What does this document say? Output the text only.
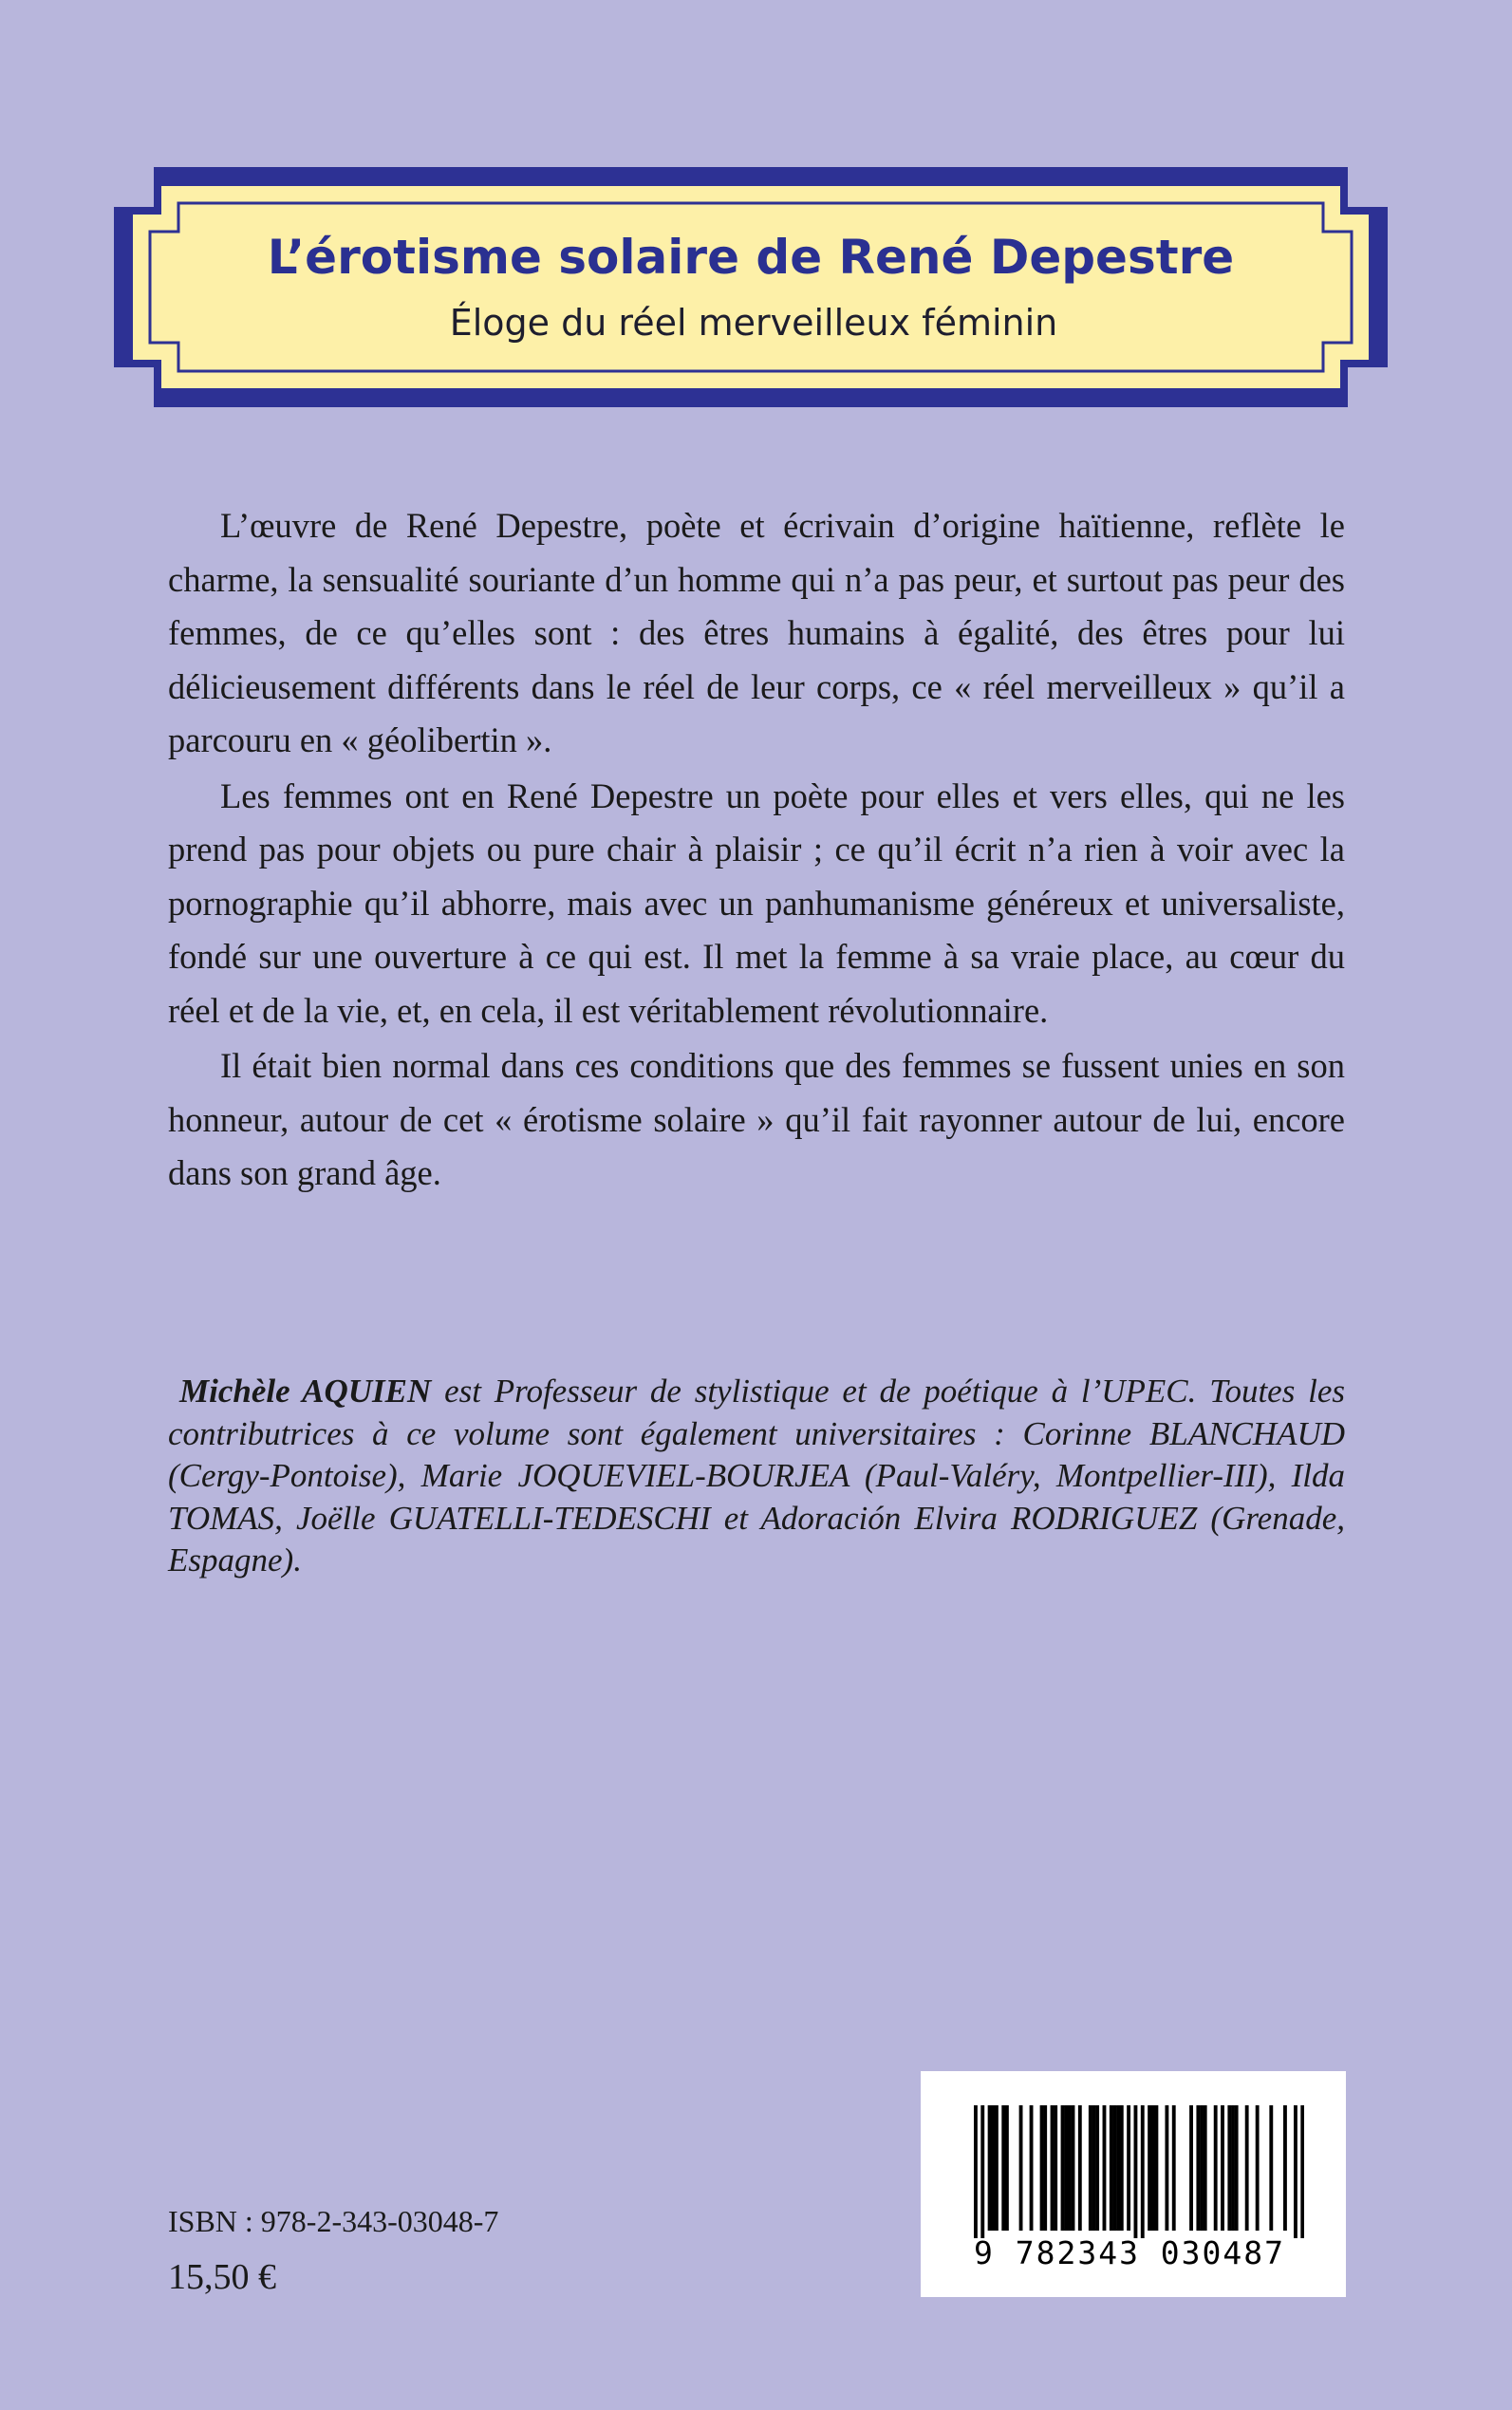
L’érotisme solaire de René Depestre
Éloge du réel merveilleux féminin

L’œuvre de René Depestre, poète et écrivain d’origine haïtienne, reflète le charme, la sensualité souriante d’un homme qui n’a pas peur, et surtout pas peur des femmes, de ce qu’elles sont : des êtres humains à égalité, des êtres pour lui délicieusement différents dans le réel de leur corps, ce « réel merveilleux » qu’il a parcouru en « géolibertin ».

Les femmes ont en René Depestre un poète pour elles et vers elles, qui ne les prend pas pour objets ou pure chair à plaisir ; ce qu’il écrit n’a rien à voir avec la pornographie qu’il abhorre, mais avec un panhumanisme généreux et universaliste, fondé sur une ouverture à ce qui est. Il met la femme à sa vraie place, au cœur du réel et de la vie, et, en cela, il est véritablement révolutionnaire.

Il était bien normal dans ces conditions que des femmes se fussent unies en son honneur, autour de cet « érotisme solaire » qu’il fait rayonner autour de lui, encore dans son grand âge.

Michèle AQUIEN est Professeur de stylistique et de poétique à l’UPEC. Toutes les contributrices à ce volume sont également universitaires : Corinne BLANCHAUD (Cergy-Pontoise), Marie JOQUEVIEL-BOURJEA (Paul-Valéry, Montpellier-III), Ilda TOMAS, Joëlle GUATELLI-TEDESCHI et Adoración Elvira RODRIGUEZ (Grenade, Espagne).

ISBN : 978-2-343-03048-7
15,50 €
9 782343 030487
